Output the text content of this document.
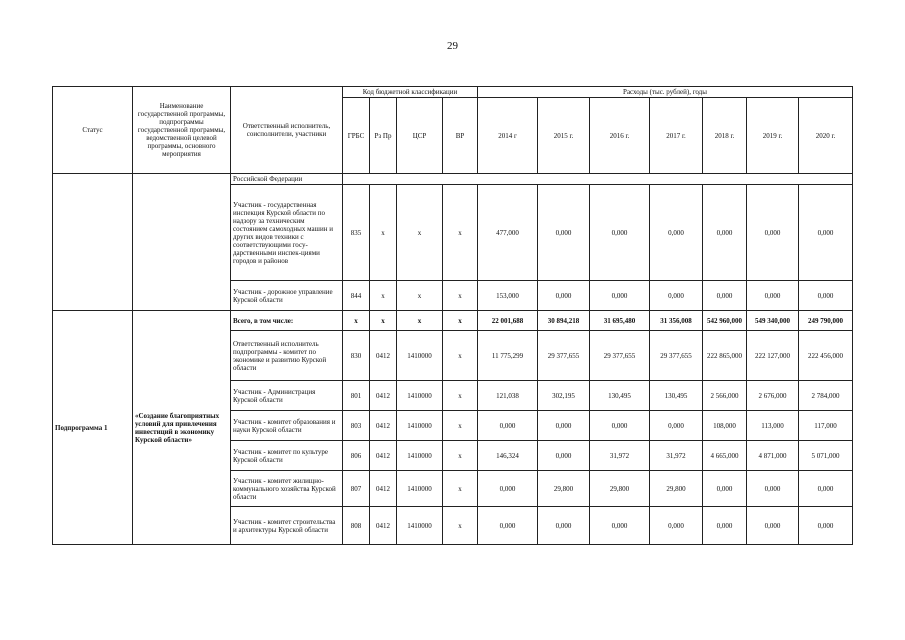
29
Статус	Наименование государственной программы, подпрограммы государственной программы, ведомственной целевой программы, основного мероприятия	Ответственный исполнитель, соисполнители, участники	Код бюджетной классификации				Расходы (тыс. рублей), годы						
			ГРБС	Рз Пр	ЦСР	ВР	2014 г	2015 г.	2016 г.	2017 г.	2018 г.	2019 г.	2020 г.
		Российской Федерации											
		Участник - государственная инспекция Курской области по надзору за техническим состоянием самоходных машин и других видов техники с соответствующими госу-дарственными инспек-циями городов и районов	835	x	x	x	477,000	0,000	0,000	0,000	0,000	0,000	0,000
		Участник - дорожное управление Курской области	844	x	x	x	153,000	0,000	0,000	0,000	0,000	0,000	0,000
Подпрограмма 1	«Создание благоприятных условий для привлечения инвестиций в экономику Курской области»	Всего, в том числе:	x	x	x	x	22 001,688	30 894,218	31 695,480	31 356,008	542 960,000	549 340,000	249 790,000
		Ответственный исполнитель подпрограммы - комитет по экономике и развитию Курской области	830	0412	1410000	x	11 775,299	29 377,655	29 377,655	29 377,655	222 865,000	222 127,000	222 456,000
		Участник - Администрация Курской области	801	0412	1410000	x	121,038	302,195	130,495	130,495	2 566,000	2 676,000	2 784,000
		Участник - комитет образования и науки Курской области	803	0412	1410000	x	0,000	0,000	0,000	0,000	108,000	113,000	117,000
		Участник - комитет по культуре Курской области	806	0412	1410000	x	146,324	0,000	31,972	31,972	4 665,000	4 871,000	5 071,000
		Участник - комитет жилищно-коммунального хозяйства Курской области	807	0412	1410000	x	0,000	29,800	29,800	29,800	0,000	0,000	0,000
		Участник - комитет строительства и архитектуры Курской области	808	0412	1410000	x	0,000	0,000	0,000	0,000	0,000	0,000	0,000
